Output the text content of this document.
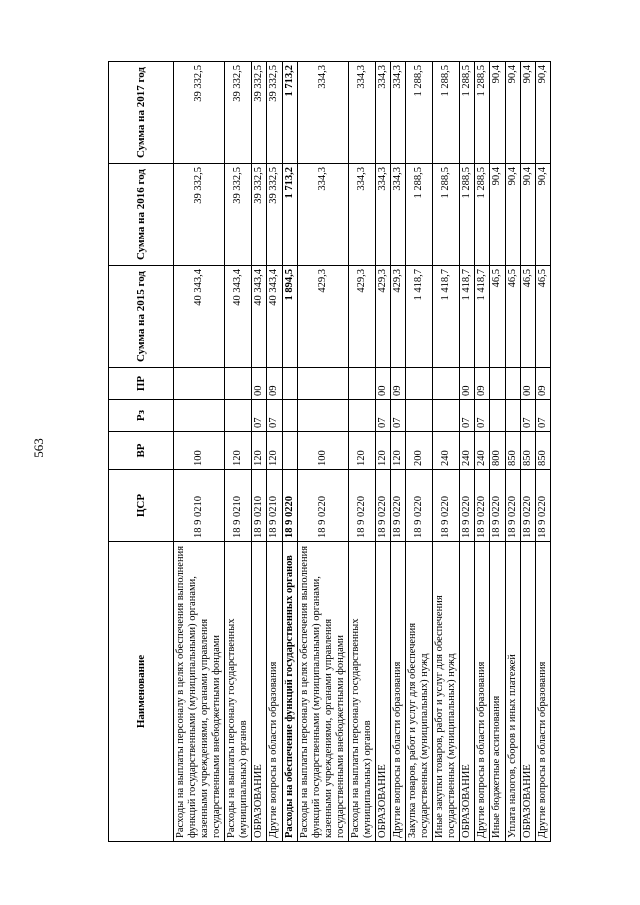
563
Наименование	ЦСР	ВР	Рз	ПР	Сумма на 2015 год	Сумма на 2016 год	Сумма на 2017 год
Расходы на выплаты персоналу в целях обеспечения выполнения функций государственными (муниципальными) органами, казенными учреждениями, органами управления государственными внебюджетными фондами	18 9 0210	100			40 343,4	39 332,5	39 332,5
Расходы на выплаты персоналу государственных (муниципальных) органов	18 9 0210	120			40 343,4	39 332,5	39 332,5
ОБРАЗОВАНИЕ	18 9 0210	120	07	00	40 343,4	39 332,5	39 332,5
Другие вопросы в области образования	18 9 0210	120	07	09	40 343,4	39 332,5	39 332,5
Расходы на обеспечение функций государственных органов	18 9 0220				1 894,5	1 713,2	1 713,2
Расходы на выплаты персоналу в целях обеспечения выполнения функций государственными (муниципальными) органами, казенными учреждениями, органами управления государственными внебюджетными фондами	18 9 0220	100			429,3	334,3	334,3
Расходы на выплаты персоналу государственных (муниципальных) органов	18 9 0220	120			429,3	334,3	334,3
ОБРАЗОВАНИЕ	18 9 0220	120	07	00	429,3	334,3	334,3
Другие вопросы в области образования	18 9 0220	120	07	09	429,3	334,3	334,3
Закупка товаров, работ и услуг для обеспечения государственных (муниципальных) нужд	18 9 0220	200			1 418,7	1 288,5	1 288,5
Иные закупки товаров, работ и услуг для обеспечения государственных (муниципальных) нужд	18 9 0220	240			1 418,7	1 288,5	1 288,5
ОБРАЗОВАНИЕ	18 9 0220	240	07	00	1 418,7	1 288,5	1 288,5
Другие вопросы в области образования	18 9 0220	240	07	09	1 418,7	1 288,5	1 288,5
Иные бюджетные ассигнования	18 9 0220	800			46,5	90,4	90,4
Уплата налогов, сборов и иных платежей	18 9 0220	850			46,5	90,4	90,4
ОБРАЗОВАНИЕ	18 9 0220	850	07	00	46,5	90,4	90,4
Другие вопросы в области образования	18 9 0220	850	07	09	46,5	90,4	90,4
